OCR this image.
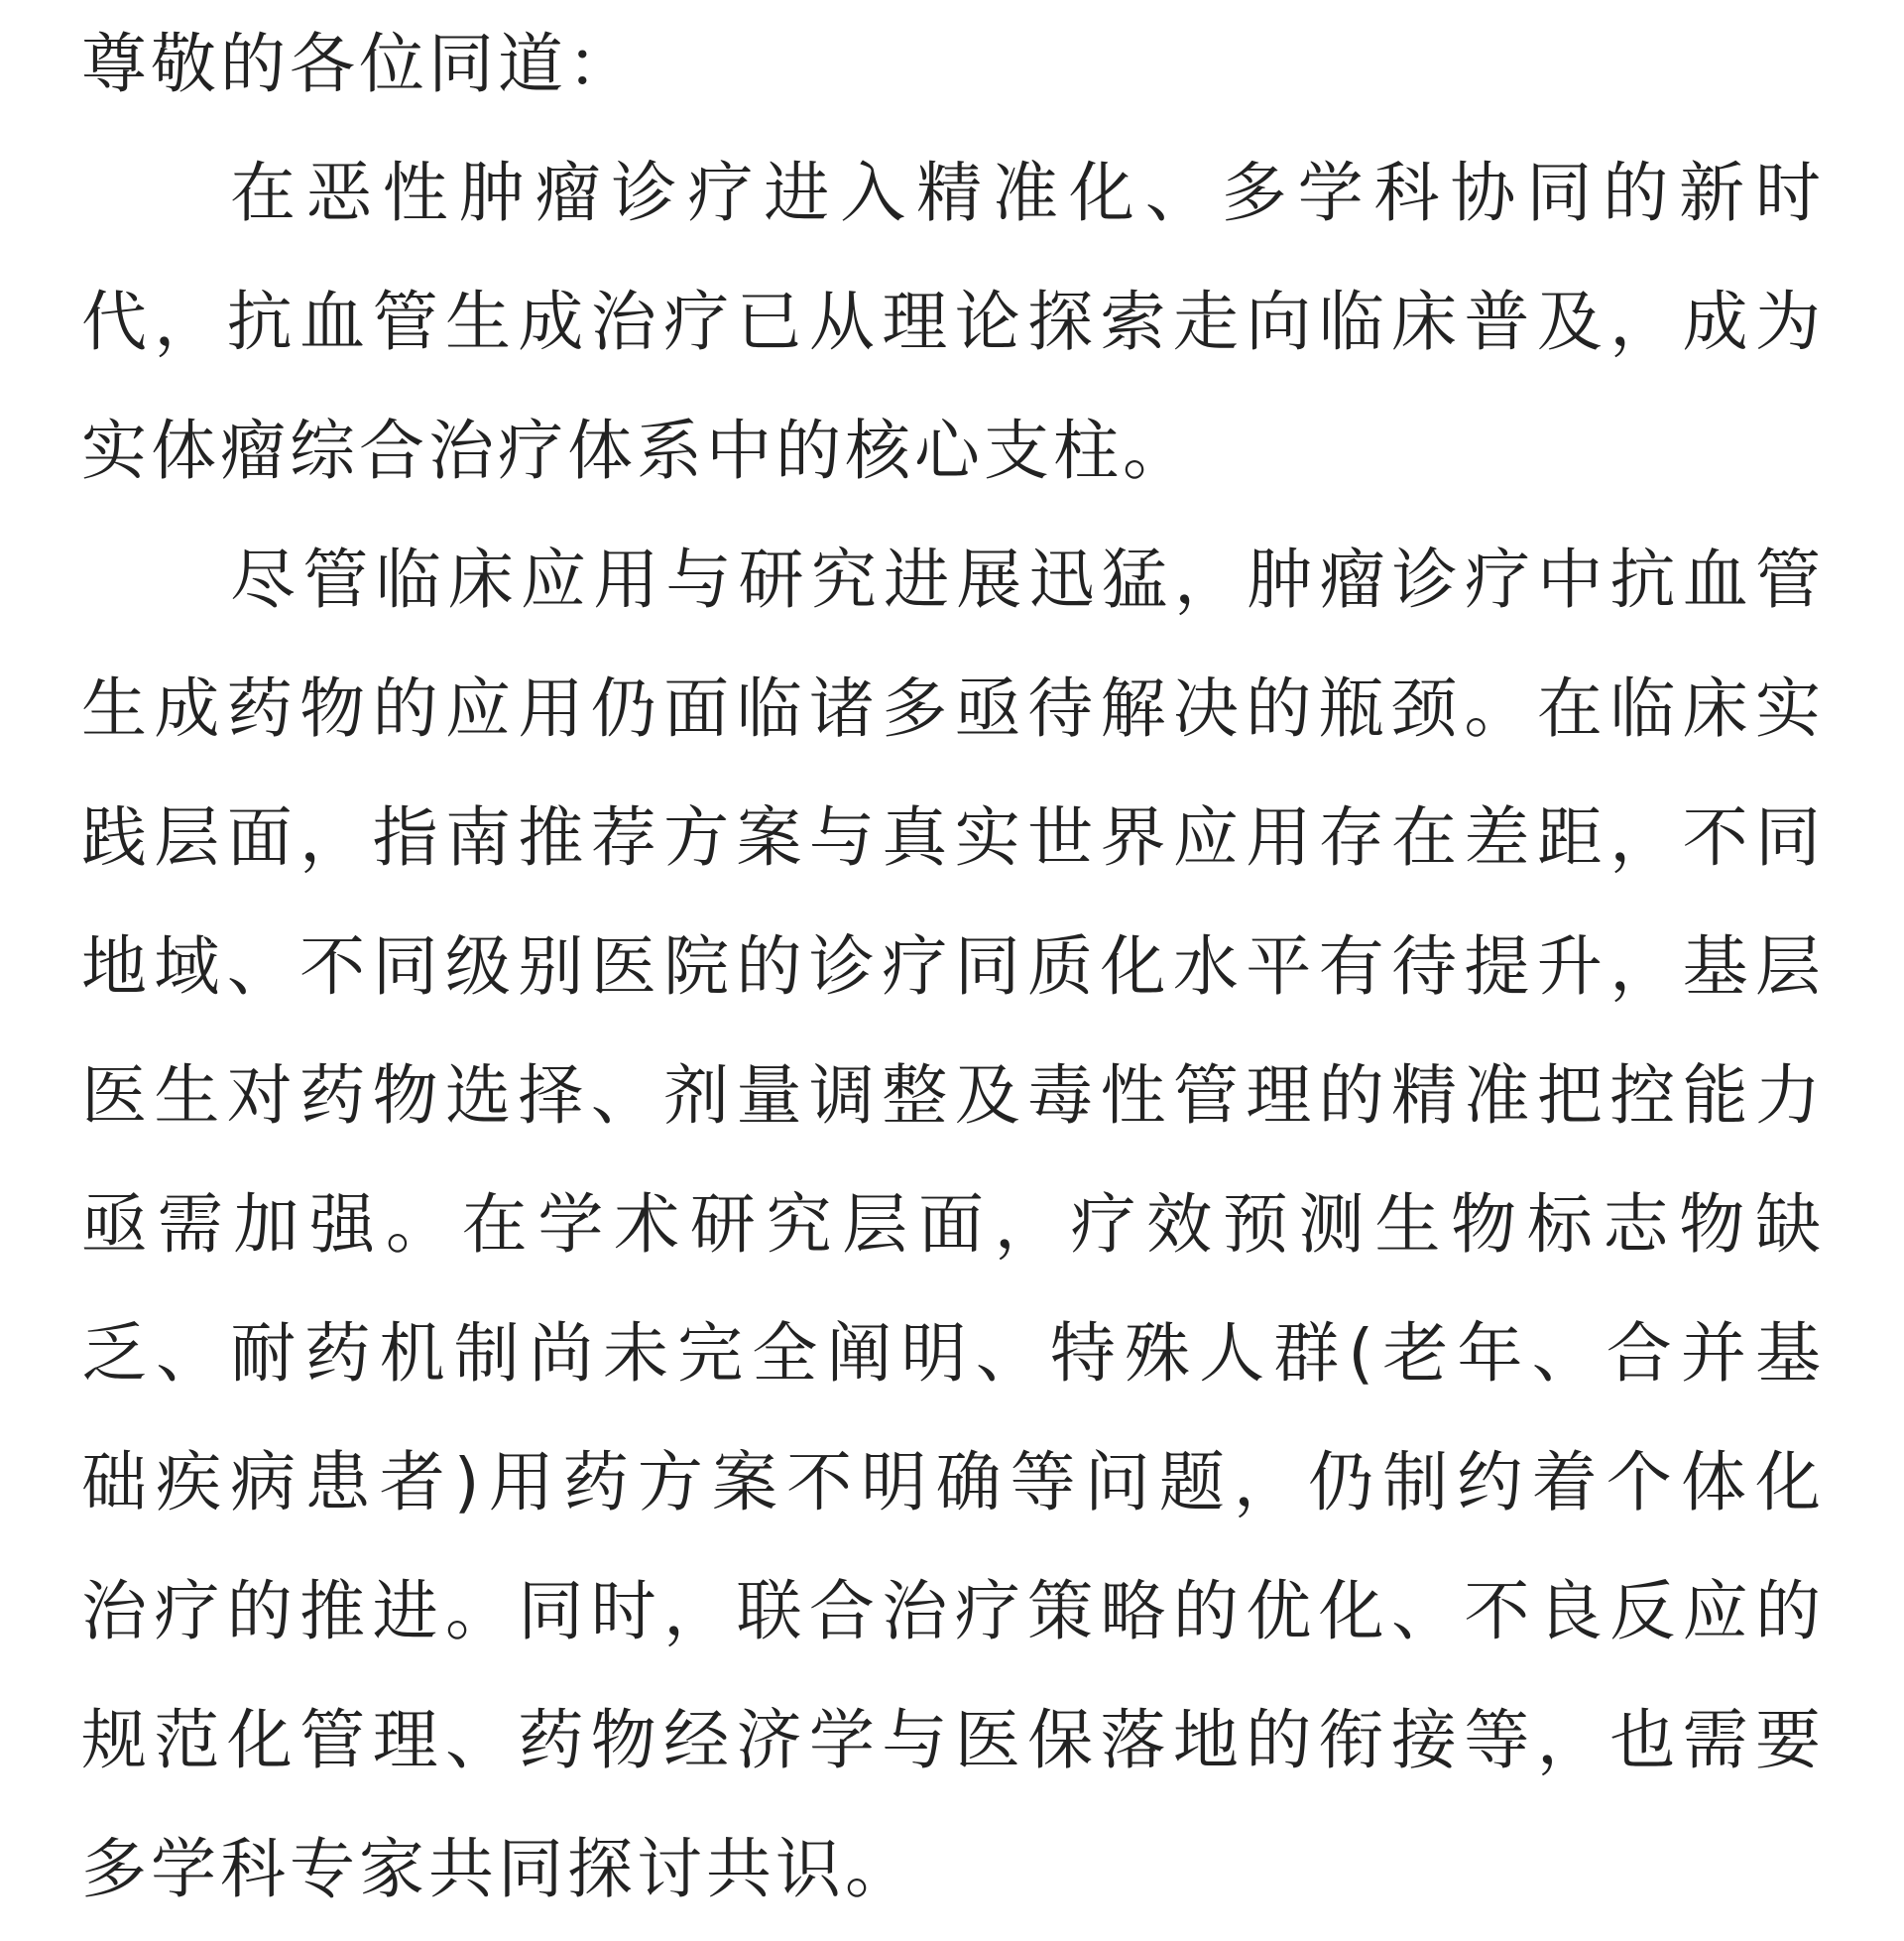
尊敬的各位同道：
在恶性肿瘤诊疗进入精准化、多学科协同的新时
代，抗血管生成治疗已从理论探索走向临床普及，成为
实体瘤综合治疗体系中的核心支柱。
尽管临床应用与研究进展迅猛，肿瘤诊疗中抗血管
生成药物的应用仍面临诸多亟待解决的瓶颈。在临床实
践层面，指南推荐方案与真实世界应用存在差距，不同
地域、不同级别医院的诊疗同质化水平有待提升，基层
医生对药物选择、剂量调整及毒性管理的精准把控能力
亟需加强。在学术研究层面，疗效预测生物标志物缺
乏、耐药机制尚未完全阐明、特殊人群(老年、合并基
础疾病患者)用药方案不明确等问题，仍制约着个体化
治疗的推进。同时，联合治疗策略的优化、不良反应的
规范化管理、药物经济学与医保落地的衔接等，也需要
多学科专家共同探讨共识。
